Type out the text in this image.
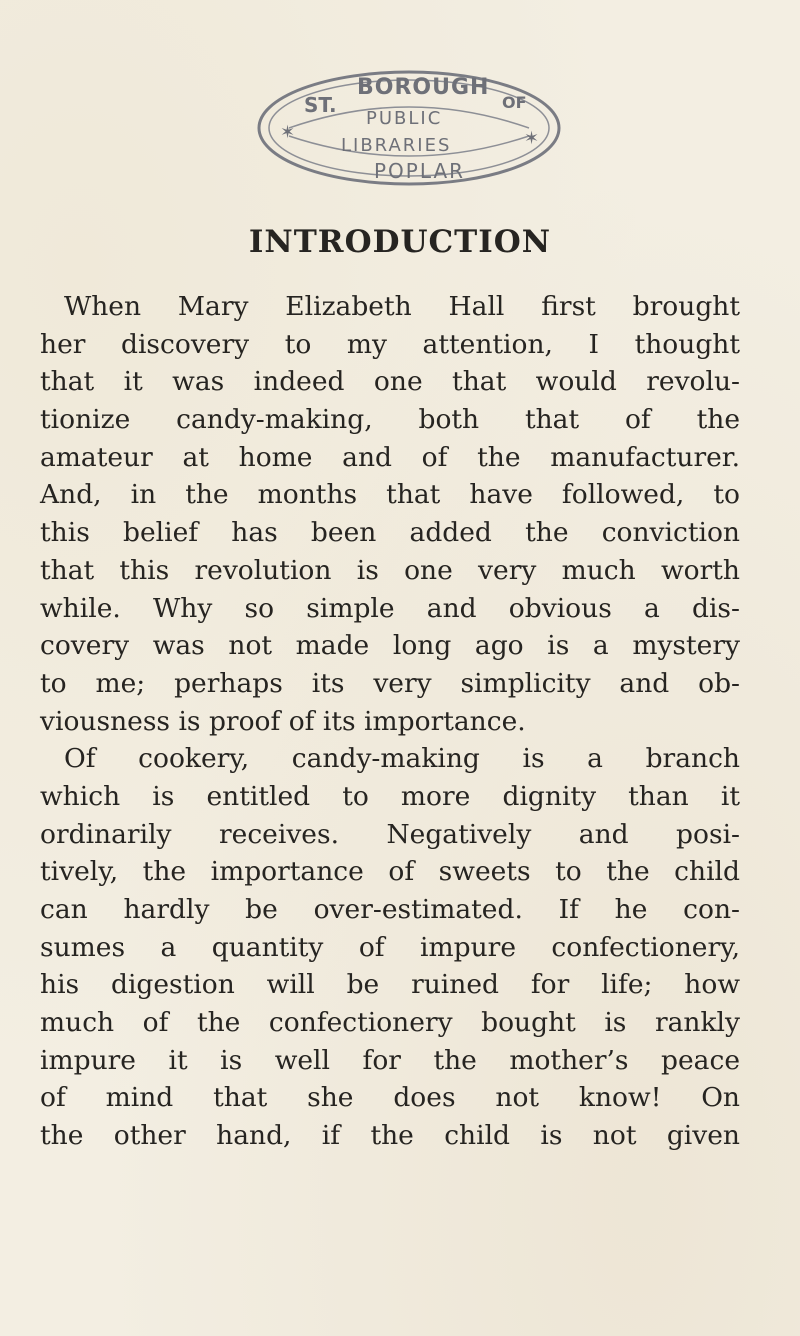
✶	✶
ST.	OF
BOROUGH
PUBLIC
LIBRARIES
POPLAR
INTRODUCTION
When Mary Elizabeth Hall first brought
her discovery to my attention, I thought
that it was indeed one that would revolu-
tionize candy-making, both that of the
amateur at home and of the manufacturer.
And, in the months that have followed, to
this belief has been added the conviction
that this revolution is one very much worth
while. Why so simple and obvious a dis-
covery was not made long ago is a mystery
to me; perhaps its very simplicity and ob-
viousness is proof of its importance.
Of cookery, candy-making is a branch
which is entitled to more dignity than it
ordinarily receives. Negatively and posi-
tively, the importance of sweets to the child
can hardly be over-estimated. If he con-
sumes a quantity of impure confectionery,
his digestion will be ruined for life; how
much of the confectionery bought is rankly
impure it is well for the mother’s peace
of mind that she does not know! On
the other hand, if the child is not given
